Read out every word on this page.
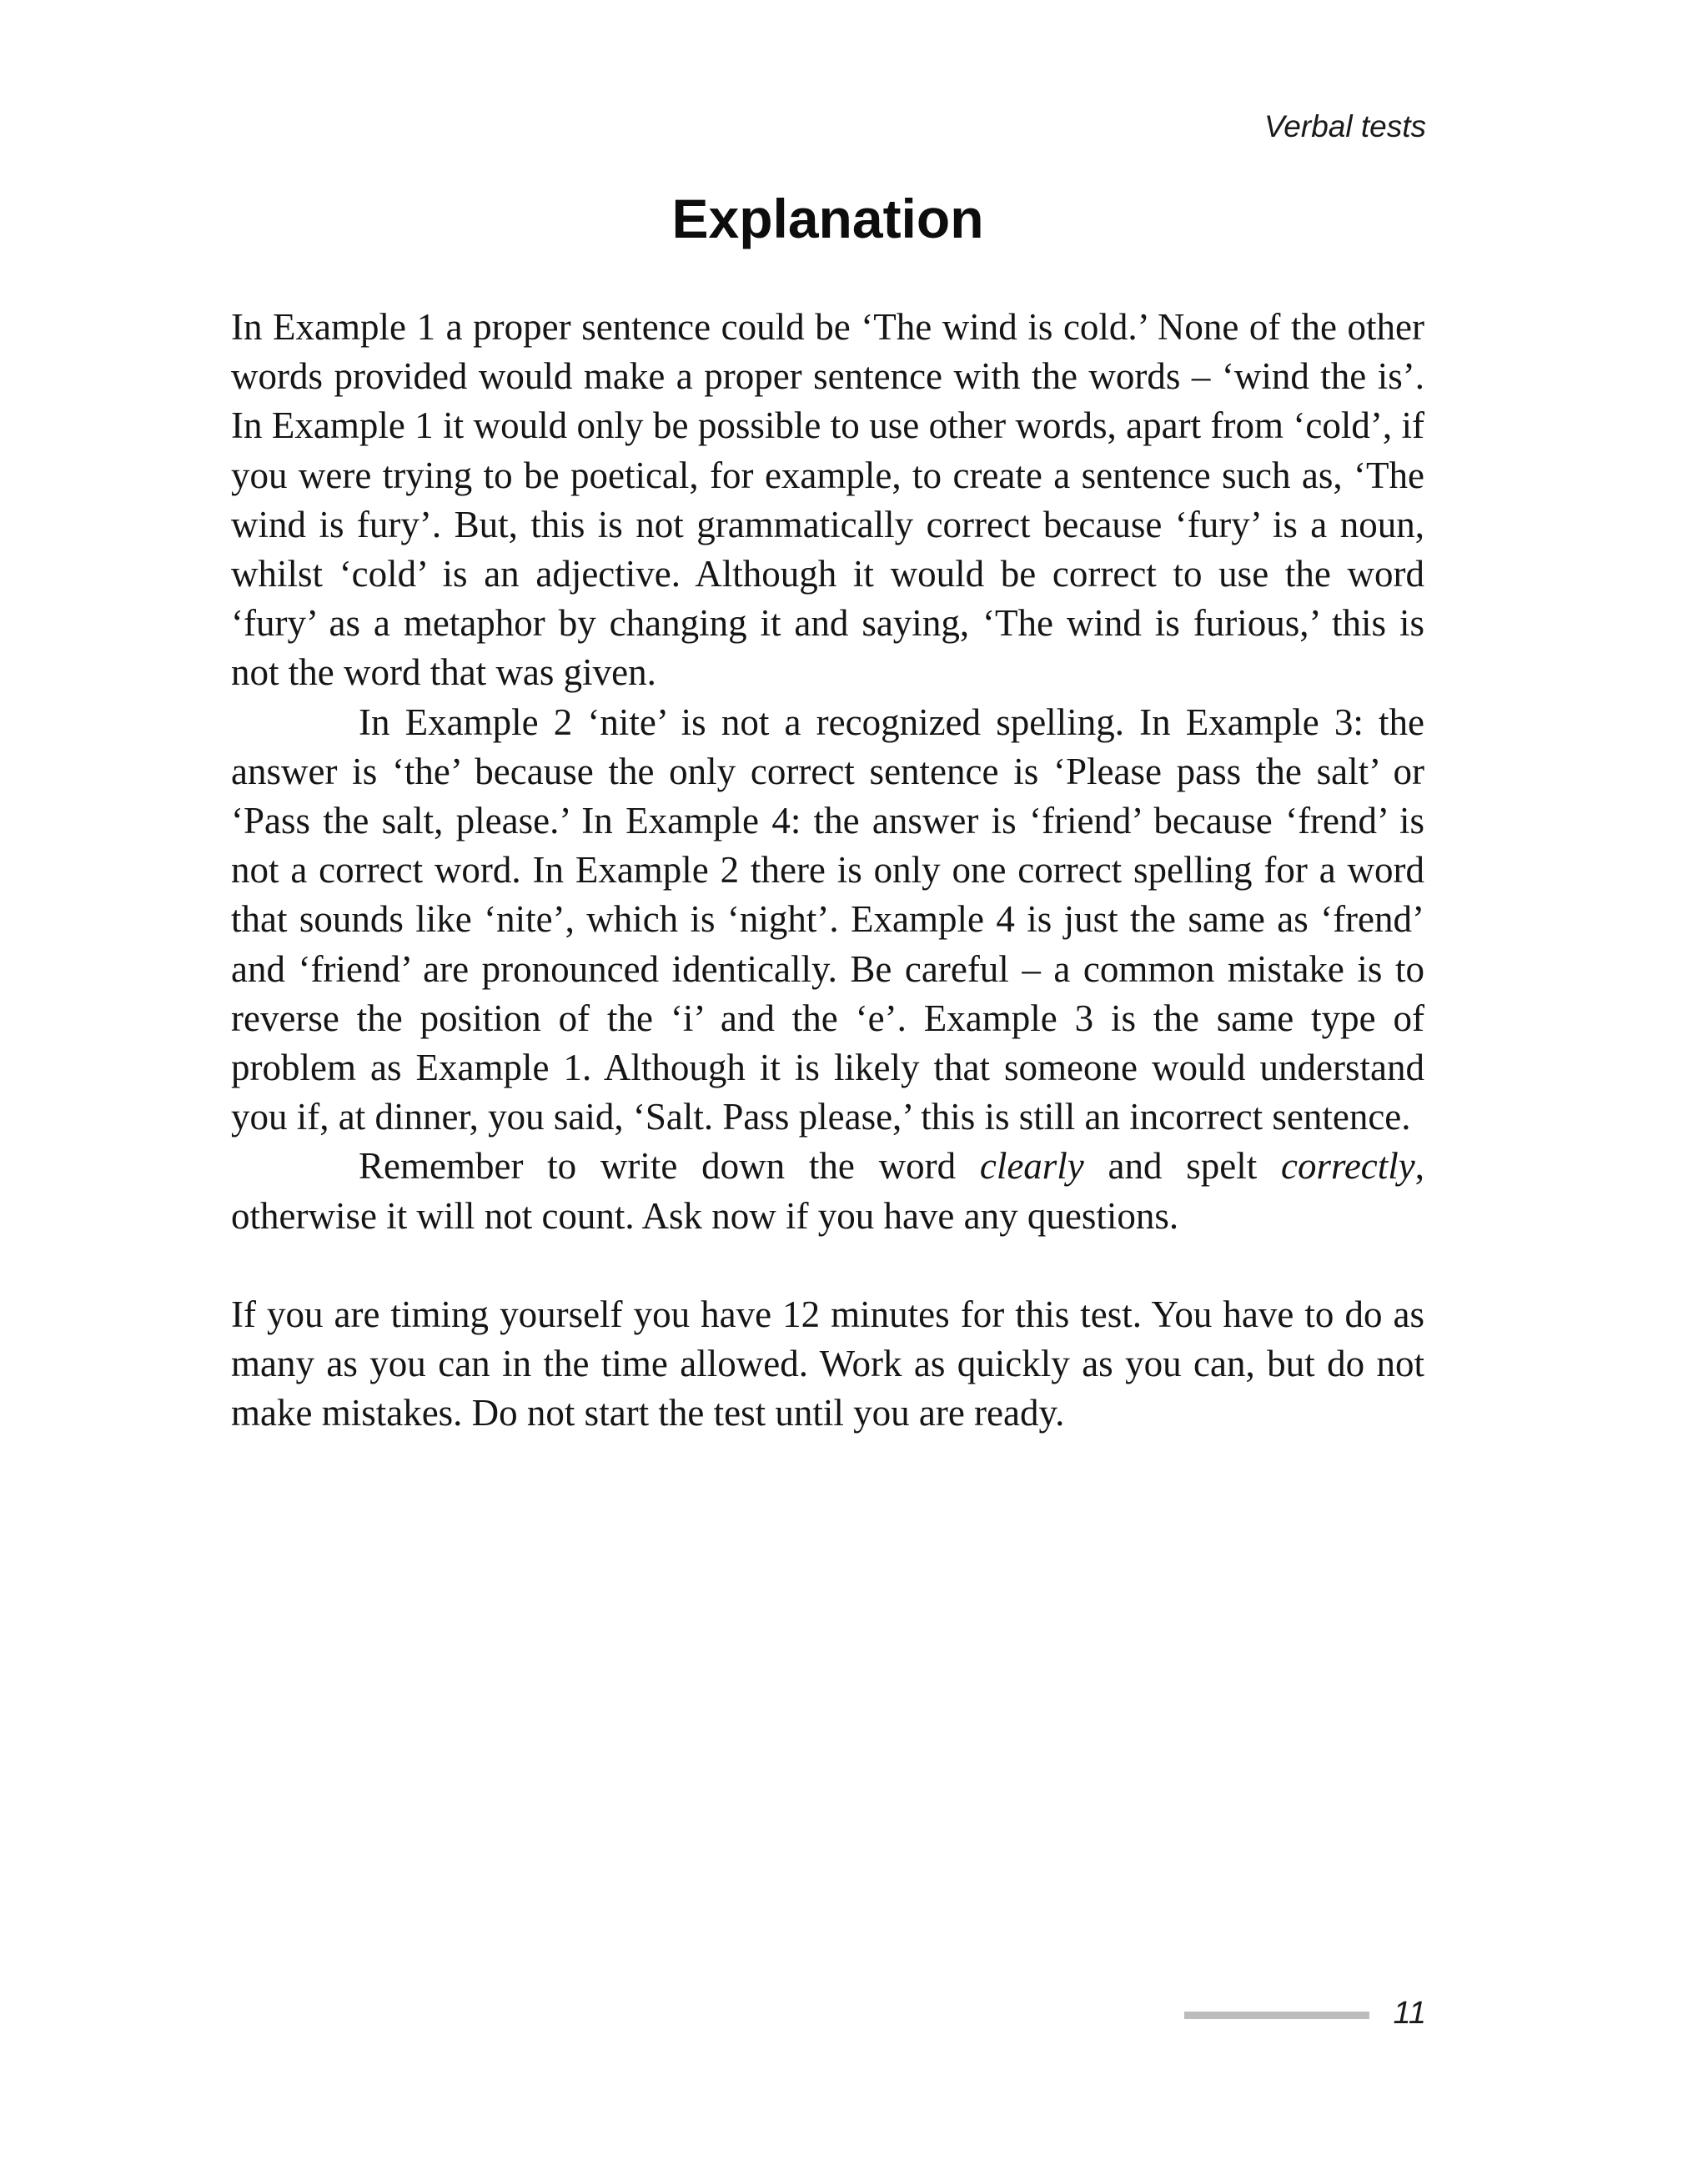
Verbal tests
Explanation

In Example 1 a proper sentence could be ‘The wind is cold.’ None of the other words provided would make a proper sentence with the words – ‘wind the is’. In Example 1 it would only be possible to use other words, apart from ‘cold’, if you were trying to be poetical, for example, to create a sentence such as, ‘The wind is fury’. But, this is not grammatically correct because ‘fury’ is a noun, whilst ‘cold’ is an adjective. Although it would be correct to use the word ‘fury’ as a metaphor by changing it and saying, ‘The wind is furious,’ this is not the word that was given.

In Example 2 ‘nite’ is not a recognized spelling. In Example 3: the answer is ‘the’ because the only correct sentence is ‘Please pass the salt’ or ‘Pass the salt, please.’ In Example 4: the answer is ‘friend’ because ‘frend’ is not a correct word. In Example 2 there is only one correct spelling for a word that sounds like ‘nite’, which is ‘night’. Example 4 is just the same as ‘frend’ and ‘friend’ are pronounced identically. Be careful – a common mistake is to reverse the position of the ‘i’ and the ‘e’. Example 3 is the same type of problem as Example 1. Although it is likely that someone would understand you if, at dinner, you said, ‘Salt. Pass please,’ this is still an incorrect sentence.

Remember to write down the word clearly and spelt correctly, otherwise it will not count. Ask now if you have any questions.

If you are timing yourself you have 12 minutes for this test. You have to do as many as you can in the time allowed. Work as quickly as you can, but do not make mistakes. Do not start the test until you are ready.

11
